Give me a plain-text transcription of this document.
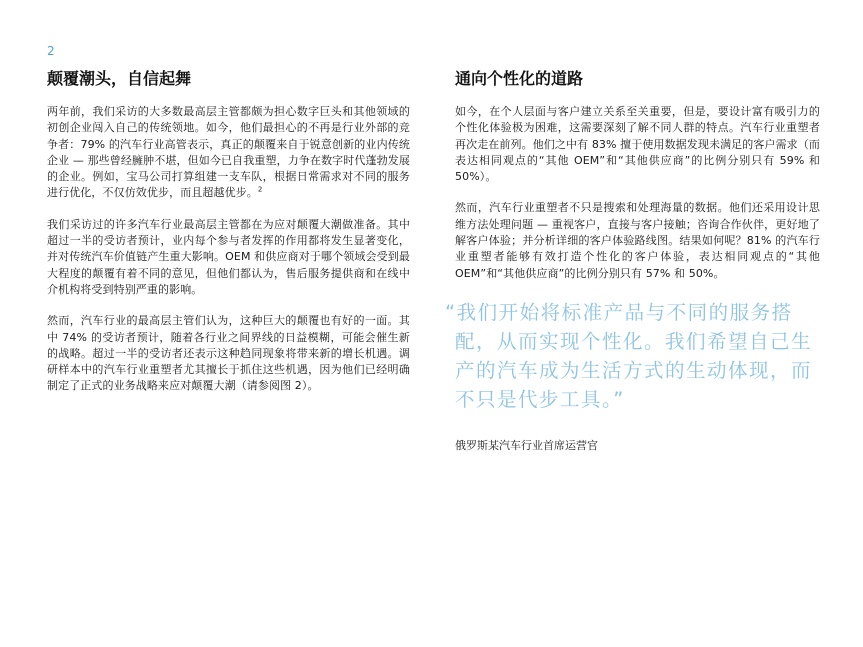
2
颠覆潮头，自信起舞

两年前，我们采访的大多数最高层主管都颇为担心数字巨头和其他领域的初创企业闯入自己的传统领地。如今，他们最担心的不再是行业外部的竞争者：79% 的汽车行业高管表示，真正的颠覆来自于锐意创新的业内传统企业 — 那些曾经臃肿不堪，但如今已自我重塑，力争在数字时代蓬勃发展的企业。例如，宝马公司打算组建一支车队，根据日常需求对不同的服务进行优化，不仅仿效优步，而且超越优步。$^2$

我们采访过的许多汽车行业最高层主管都在为应对颠覆大潮做准备。其中超过一半的受访者预计，业内每个参与者发挥的作用都将发生显著变化，并对传统汽车价值链产生重大影响。OEM 和供应商对于哪个领域会受到最大程度的颠覆有着不同的意见，但他们都认为，售后服务提供商和在线中介机构将受到特别严重的影响。

然而，汽车行业的最高层主管们认为，这种巨大的颠覆也有好的一面。其中 74% 的受访者预计，随着各行业之间界线的日益模糊，可能会催生新的战略。超过一半的受访者还表示这种趋同现象将带来新的增长机遇。调研样本中的汽车行业重塑者尤其擅长于抓住这些机遇，因为他们已经明确制定了正式的业务战略来应对颠覆大潮（请参阅图 2）。

通向个性化的道路

如今，在个人层面与客户建立关系至关重要，但是，要设计富有吸引力的个性化体验极为困难，这需要深刻了解不同人群的特点。汽车行业重塑者再次走在前列。他们之中有 83% 擅于使用数据发现未满足的客户需求（而表达相同观点的“其他 OEM”和“其他供应商”的比例分别只有 59% 和 50%）。

然而，汽车行业重塑者不只是搜索和处理海量的数据。他们还采用设计思维方法处理问题 — 重视客户，直接与客户接触；咨询合作伙伴，更好地了解客户体验；并分析详细的客户体验路线图。结果如何呢？81% 的汽车行业重塑者能够有效打造个性化的客户体验，表达相同观点的“其他 OEM”和“其他供应商”的比例分别只有 57% 和 50%。

“我们开始将标准产品与不同的服务搭配，从而实现个性化。我们希望自己生产的汽车成为生活方式的生动体现，而不只是代步工具。”
俄罗斯某汽车行业首席运营官
